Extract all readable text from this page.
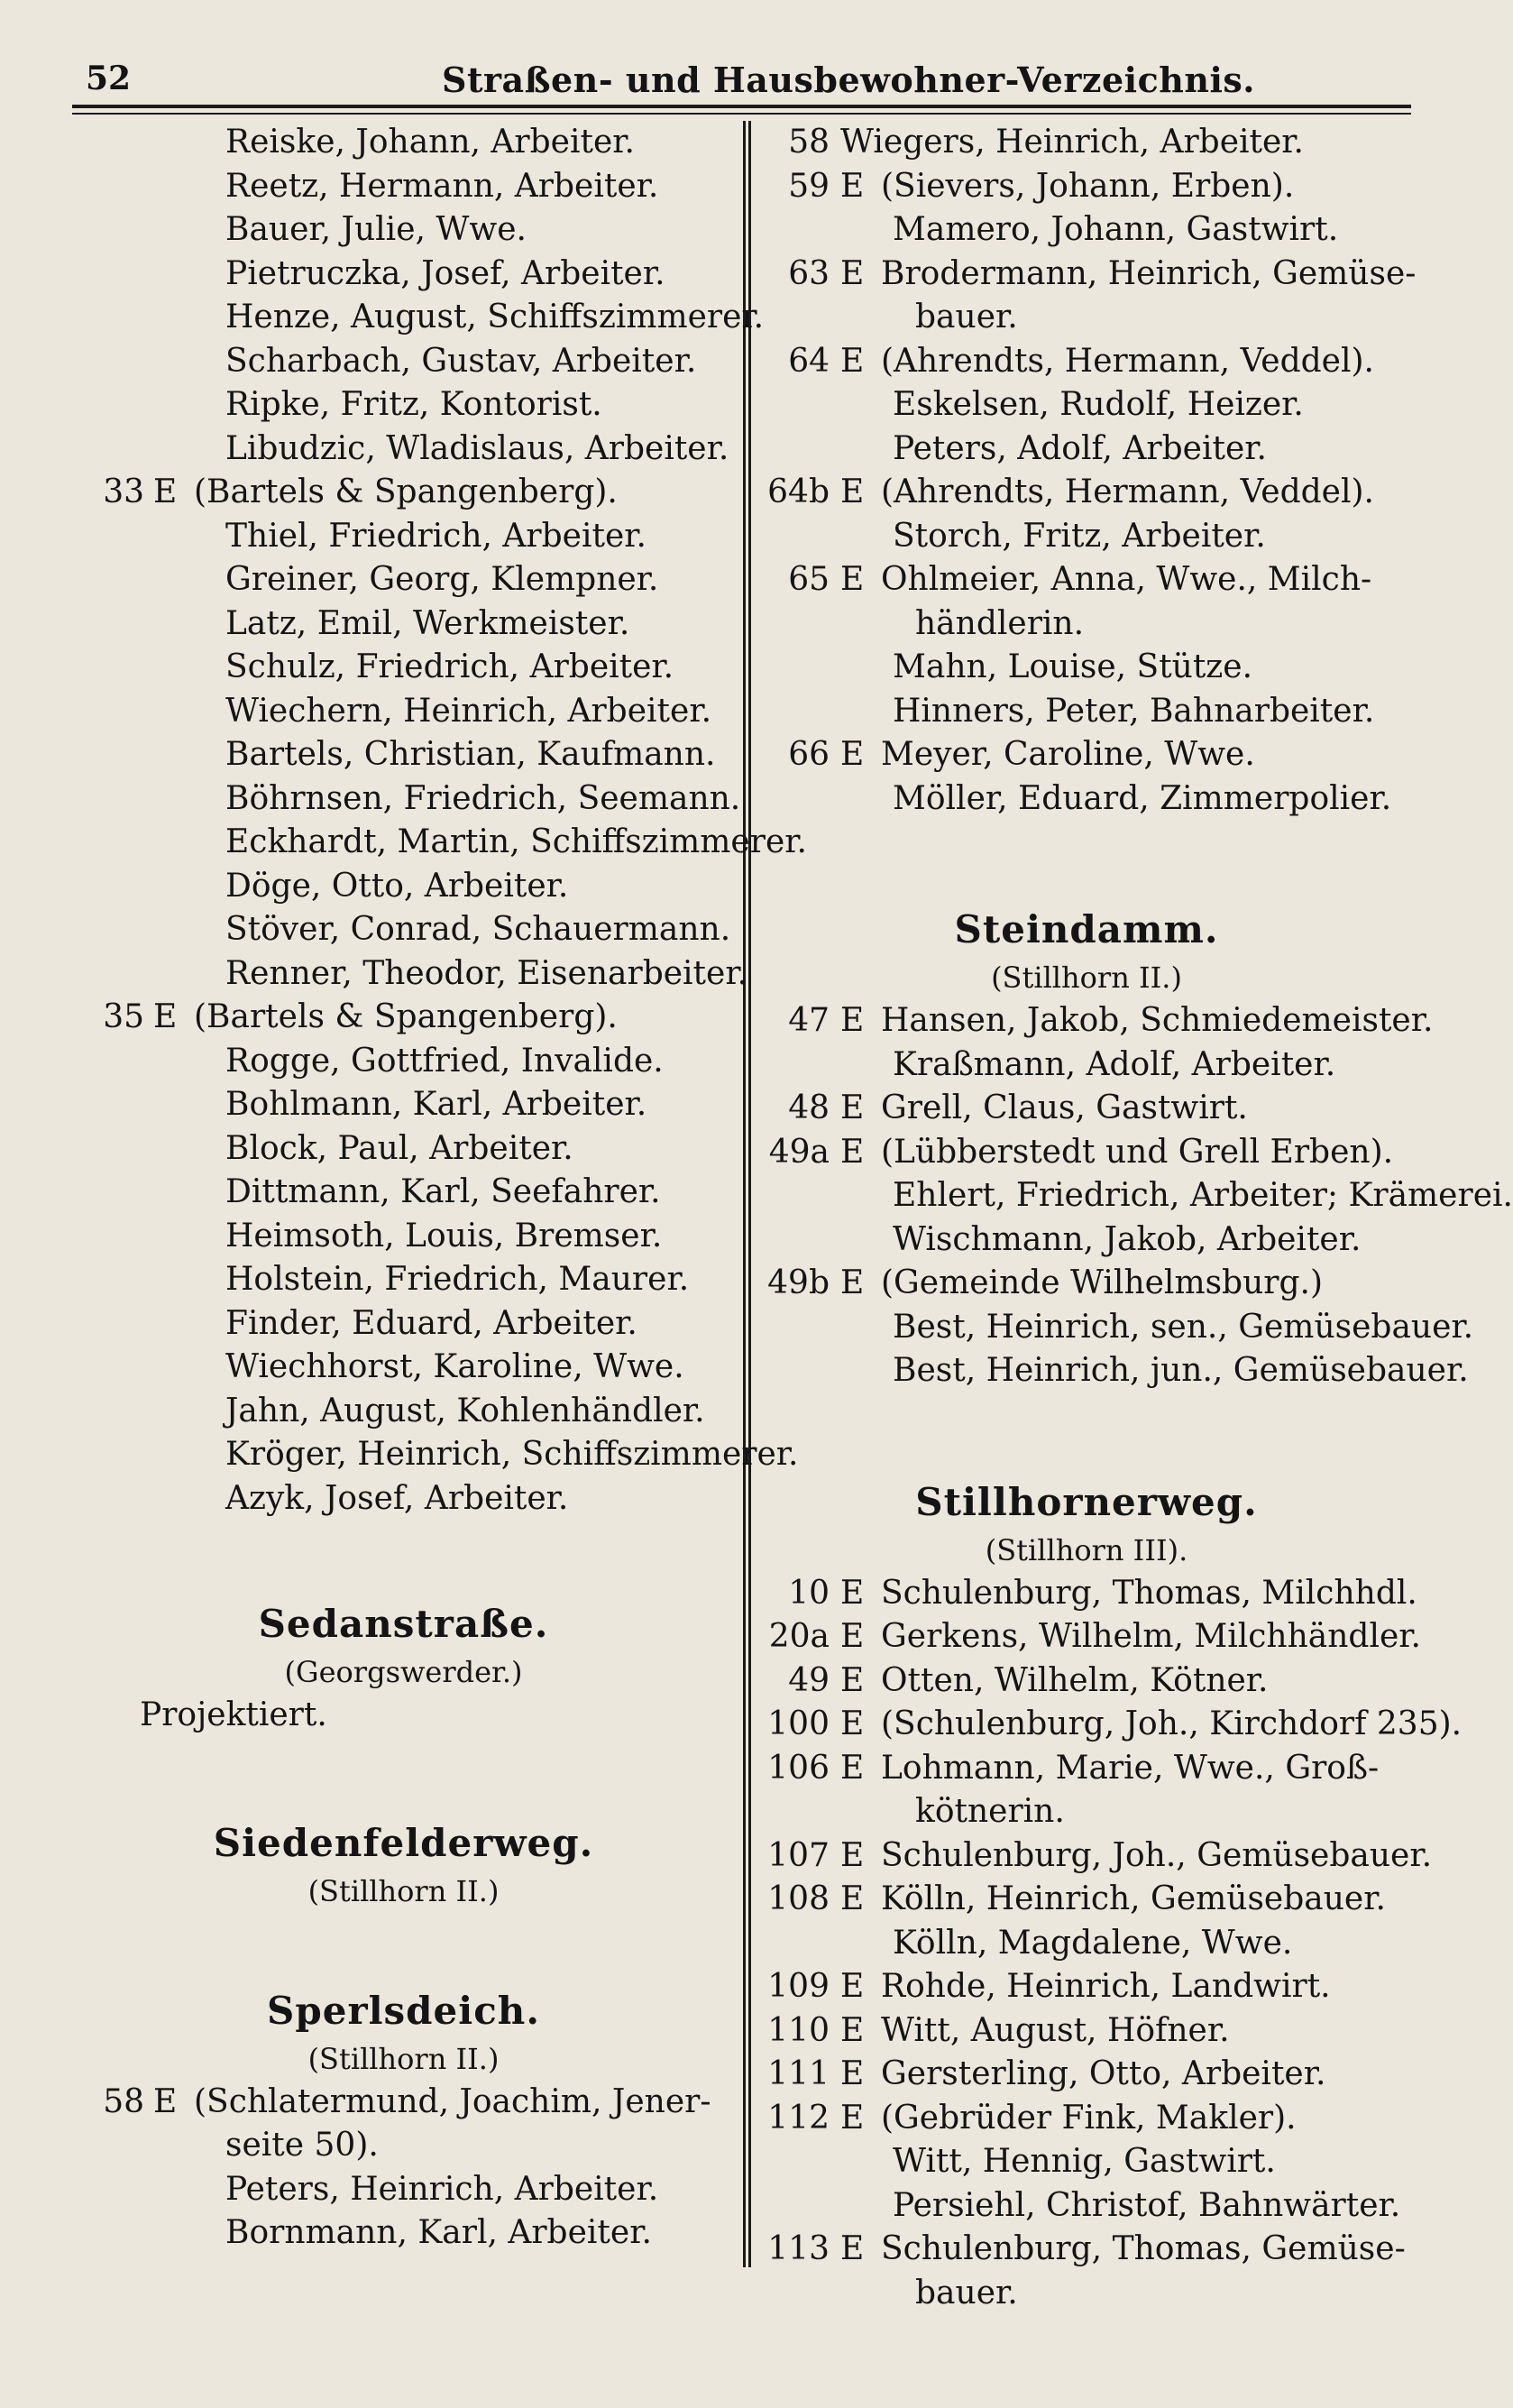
52	Straßen- und Hausbewohner-Verzeichnis.
Reiske, Johann, Arbeiter.
Reetz, Hermann, Arbeiter.
Bauer, Julie, Wwe.
Pietruczka, Josef, Arbeiter.
Henze, August, Schiffszimmerer.
Scharbach, Gustav, Arbeiter.
Ripke, Fritz, Kontorist.
Libudzic, Wladislaus, Arbeiter.
33 E (Bartels & Spangenberg).
Thiel, Friedrich, Arbeiter.
Greiner, Georg, Klempner.
Latz, Emil, Werkmeister.
Schulz, Friedrich, Arbeiter.
Wiechern, Heinrich, Arbeiter.
Bartels, Christian, Kaufmann.
Böhrnsen, Friedrich, Seemann.
Eckhardt, Martin, Schiffszimmerer.
Döge, Otto, Arbeiter.
Stöver, Conrad, Schauermann.
Renner, Theodor, Eisenarbeiter.
35 E (Bartels & Spangenberg).
Rogge, Gottfried, Invalide.
Bohlmann, Karl, Arbeiter.
Block, Paul, Arbeiter.
Dittmann, Karl, Seefahrer.
Heimsoth, Louis, Bremser.
Holstein, Friedrich, Maurer.
Finder, Eduard, Arbeiter.
Wiechhorst, Karoline, Wwe.
Jahn, August, Kohlenhändler.
Kröger, Heinrich, Schiffszimmerer.
Azyk, Josef, Arbeiter.
Sedanstraße.
(Georgswerder.)
Projektiert.
Siedenfelderweg.
(Stillhorn II.)
Sperlsdeich.
(Stillhorn II.)
58 E (Schlatermund, Joachim, Jener-
seite 50).
Peters, Heinrich, Arbeiter.
Bornmann, Karl, Arbeiter.
58 Wiegers, Heinrich, Arbeiter.
59 E (Sievers, Johann, Erben).
Mamero, Johann, Gastwirt.
63 E Brodermann, Heinrich, Gemüse-
bauer.
64 E (Ahrendts, Hermann, Veddel).
Eskelsen, Rudolf, Heizer.
Peters, Adolf, Arbeiter.
64b E (Ahrendts, Hermann, Veddel).
Storch, Fritz, Arbeiter.
65 E Ohlmeier, Anna, Wwe., Milch-
händlerin.
Mahn, Louise, Stütze.
Hinners, Peter, Bahnarbeiter.
66 E Meyer, Caroline, Wwe.
Möller, Eduard, Zimmerpolier.
Steindamm.
(Stillhorn II.)
47 E Hansen, Jakob, Schmiedemeister.
Kraßmann, Adolf, Arbeiter.
48 E Grell, Claus, Gastwirt.
49a E (Lübberstedt und Grell Erben).
Ehlert, Friedrich, Arbeiter; Krämerei.
Wischmann, Jakob, Arbeiter.
49b E (Gemeinde Wilhelmsburg.)
Best, Heinrich, sen., Gemüsebauer.
Best, Heinrich, jun., Gemüsebauer.
Stillhornerweg.
(Stillhorn III).
10 E Schulenburg, Thomas, Milchhdl.
20a E Gerkens, Wilhelm, Milchhändler.
49 E Otten, Wilhelm, Kötner.
100 E (Schulenburg, Joh., Kirchdorf 235).
106 E Lohmann, Marie, Wwe., Groß-
kötnerin.
107 E Schulenburg, Joh., Gemüsebauer.
108 E Kölln, Heinrich, Gemüsebauer.
Kölln, Magdalene, Wwe.
109 E Rohde, Heinrich, Landwirt.
110 E Witt, August, Höfner.
111 E Gersterling, Otto, Arbeiter.
112 E (Gebrüder Fink, Makler).
Witt, Hennig, Gastwirt.
Persiehl, Christof, Bahnwärter.
113 E Schulenburg, Thomas, Gemüse-
bauer.
